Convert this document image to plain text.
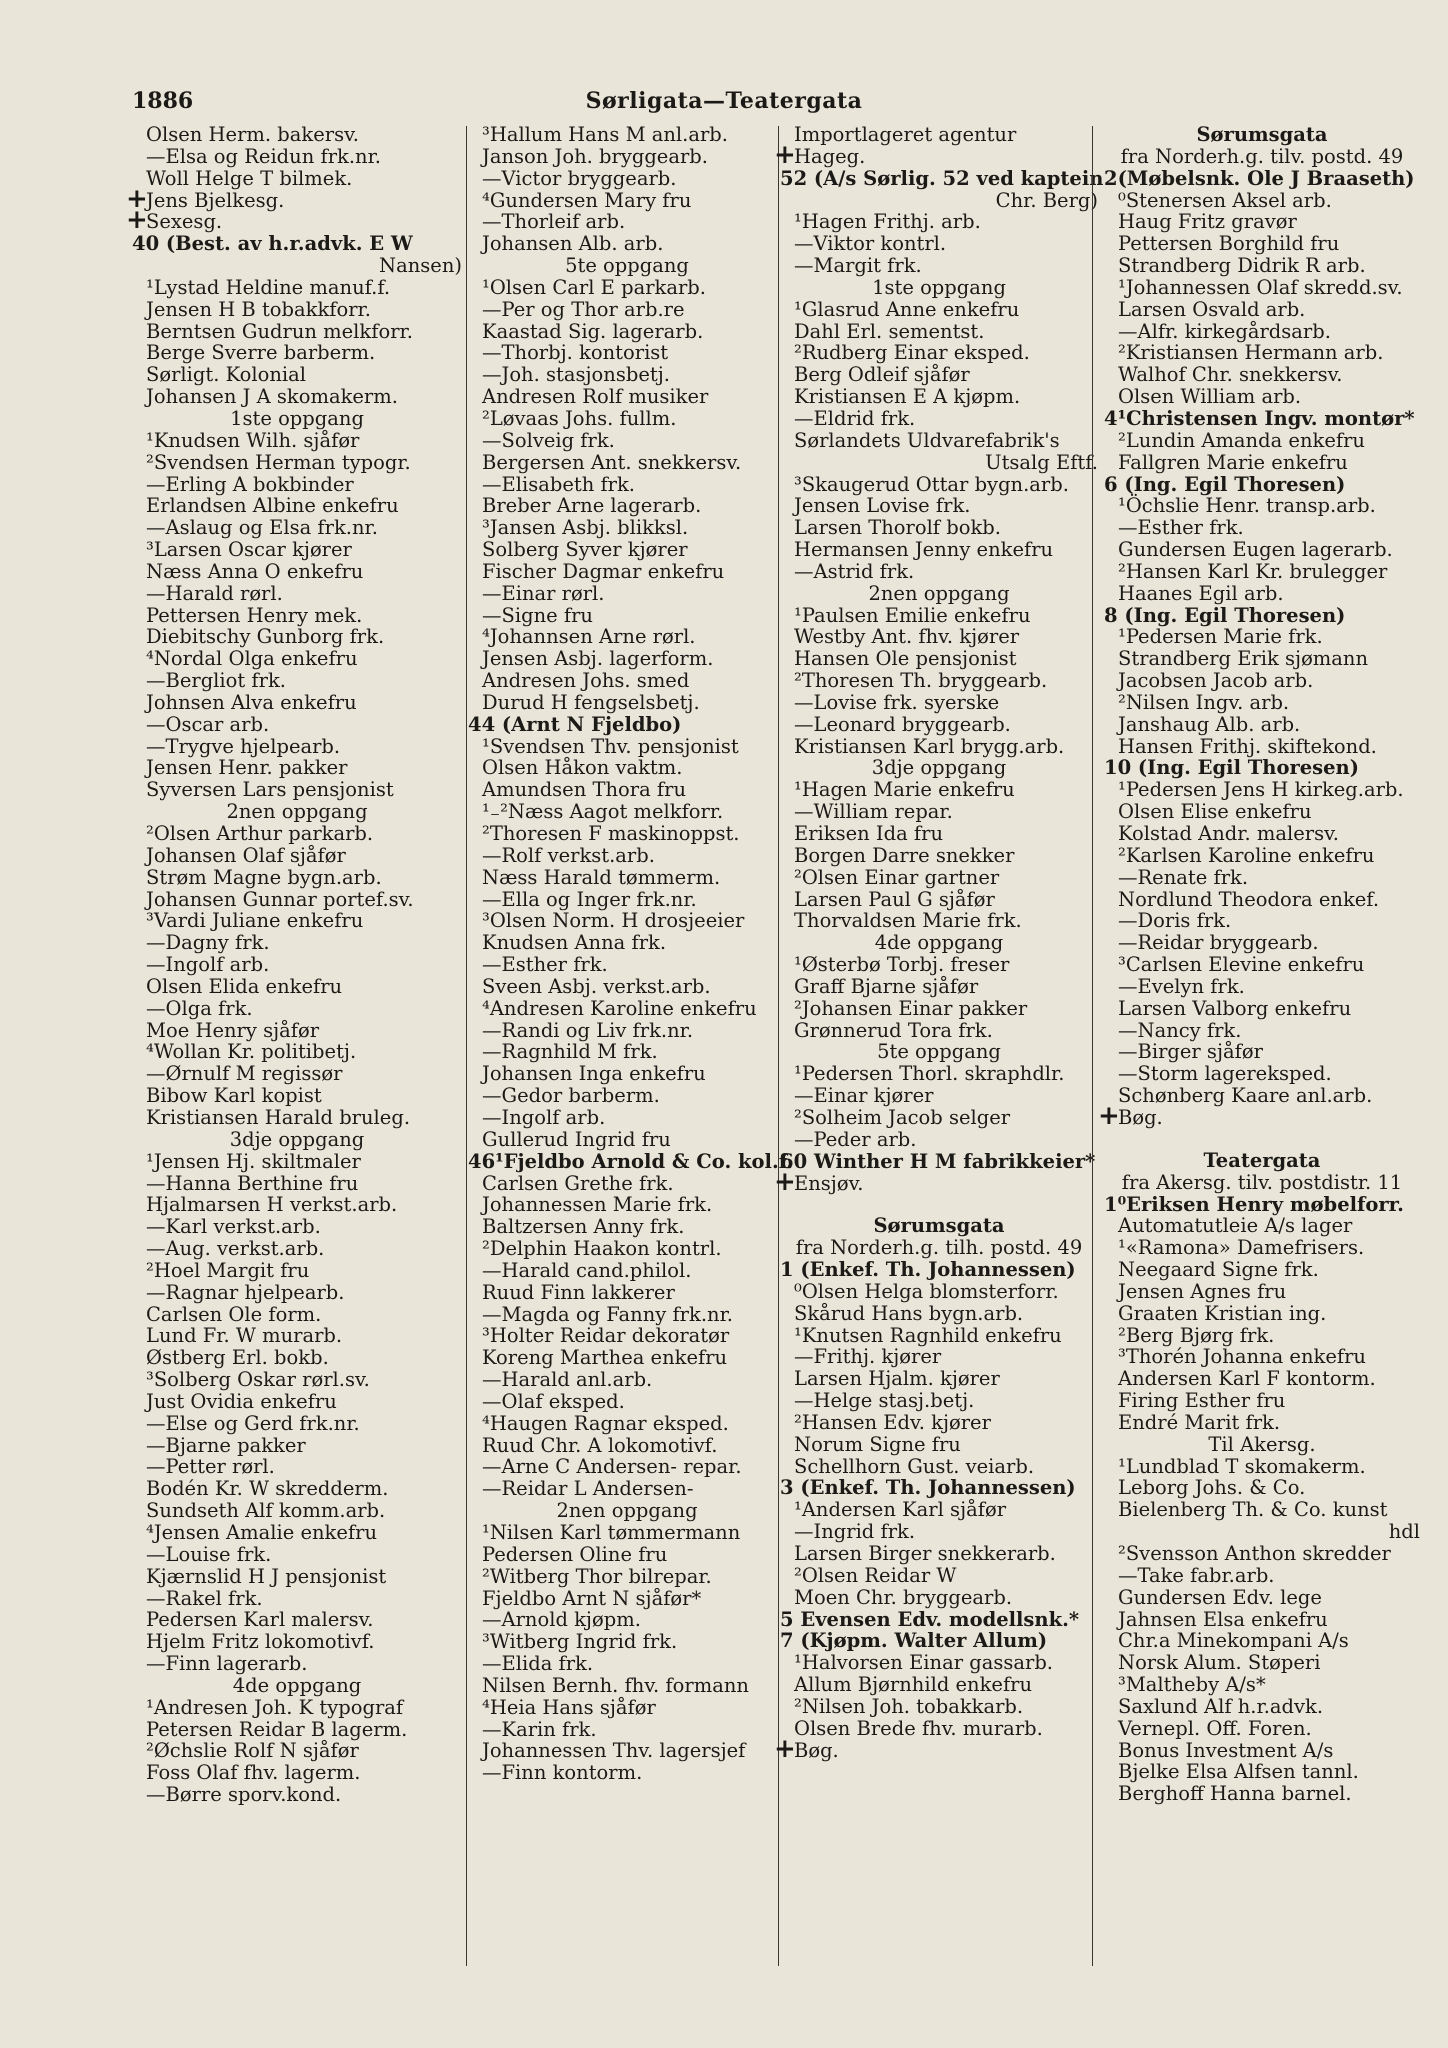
1886	Sørligata—Teatergata
Olsen Herm. bakersv.
—Elsa og Reidun frk.nr.
Woll Helge T bilmek.
+ Jens Bjelkesg.
+ Sexesg.
40 (Best. av h.r.advk. E W
Nansen)
¹Lystad Heldine manuf.f.
Jensen H B tobakkforr.
Berntsen Gudrun melkforr.
Berge Sverre barberm.
Sørligt. Kolonial
Johansen J A skomakerm.
1ste oppgang
¹Knudsen Wilh. sjåfør
²Svendsen Herman typogr.
—Erling A bokbinder
Erlandsen Albine enkefru
—Aslaug og Elsa frk.nr.
³Larsen Oscar kjører
Næss Anna O enkefru
—Harald rørl.
Pettersen Henry mek.
Diebitschy Gunborg frk.
⁴Nordal Olga enkefru
—Bergliot frk.
Johnsen Alva enkefru
—Oscar arb.
—Trygve hjelpearb.
Jensen Henr. pakker
Syversen Lars pensjonist
2nen oppgang
²Olsen Arthur parkarb.
Johansen Olaf sjåfør
Strøm Magne bygn.arb.
Johansen Gunnar portef.sv.
³Vardi Juliane enkefru
—Dagny frk.
—Ingolf arb.
Olsen Elida enkefru
—Olga frk.
Moe Henry sjåfør
⁴Wollan Kr. politibetj.
—Ørnulf M regissør
Bibow Karl kopist
Kristiansen Harald bruleg.
3dje oppgang
¹Jensen Hj. skiltmaler
—Hanna Berthine fru
Hjalmarsen H verkst.arb.
—Karl verkst.arb.
—Aug. verkst.arb.
²Hoel Margit fru
—Ragnar hjelpearb.
Carlsen Ole form.
Lund Fr. W murarb.
Østberg Erl. bokb.
³Solberg Oskar rørl.sv.
Just Ovidia enkefru
—Else og Gerd frk.nr.
—Bjarne pakker
—Petter rørl.
Bodén Kr. W skredderm.
Sundseth Alf komm.arb.
⁴Jensen Amalie enkefru
—Louise frk.
Kjærnslid H J pensjonist
—Rakel frk.
Pedersen Karl malersv.
Hjelm Fritz lokomotivf.
—Finn lagerarb.
4de oppgang
¹Andresen Joh. K typograf
Petersen Reidar B lagerm.
²Øchslie Rolf N sjåfør
Foss Olaf fhv. lagerm.
—Børre sporv.kond.
³Hallum Hans M anl.arb.
Janson Joh. bryggearb.
—Victor bryggearb.
⁴Gundersen Mary fru
—Thorleif arb.
Johansen Alb. arb.
5te oppgang
¹Olsen Carl E parkarb.
—Per og Thor arb.re
Kaastad Sig. lagerarb.
—Thorbj. kontorist
—Joh. stasjonsbetj.
Andresen Rolf musiker
²Løvaas Johs. fullm.
—Solveig frk.
Bergersen Ant. snekkersv.
—Elisabeth frk.
Breber Arne lagerarb.
³Jansen Asbj. blikksl.
Solberg Syver kjører
Fischer Dagmar enkefru
—Einar rørl.
—Signe fru
⁴Johannsen Arne rørl.
Jensen Asbj. lagerform.
Andresen Johs. smed
Durud H fengselsbetj.
44 (Arnt N Fjeldbo)
¹Svendsen Thv. pensjonist
Olsen Håkon vaktm.
Amundsen Thora fru
¹₋²Næss Aagot melkforr.
²Thoresen F maskinoppst.
—Rolf verkst.arb.
Næss Harald tømmerm.
—Ella og Inger frk.nr.
³Olsen Norm. H drosjeeier
Knudsen Anna frk.
—Esther frk.
Sveen Asbj. verkst.arb.
⁴Andresen Karoline enkefru
—Randi og Liv frk.nr.
—Ragnhild M frk.
Johansen Inga enkefru
—Gedor barberm.
—Ingolf arb.
Gullerud Ingrid fru
46¹Fjeldbo Arnold & Co. kol.f.
Carlsen Grethe frk.
Johannessen Marie frk.
Baltzersen Anny frk.
²Delphin Haakon kontrl.
—Harald cand.philol.
Ruud Finn lakkerer
—Magda og Fanny frk.nr.
³Holter Reidar dekoratør
Koreng Marthea enkefru
—Harald anl.arb.
—Olaf eksped.
⁴Haugen Ragnar eksped.
Ruud Chr. A lokomotivf.
—Arne C Andersen- repar.
—Reidar L Andersen-
2nen oppgang
¹Nilsen Karl tømmermann
Pedersen Oline fru
²Witberg Thor bilrepar.
Fjeldbo Arnt N sjåfør*
—Arnold kjøpm.
³Witberg Ingrid frk.
—Elida frk.
Nilsen Bernh. fhv. formann
⁴Heia Hans sjåfør
—Karin frk.
Johannessen Thv. lagersjef
—Finn kontorm.
Importlageret agentur
+ Hageg.
52 (A/s Sørlig. 52 ved kaptein
Chr. Berg)
¹Hagen Frithj. arb.
—Viktor kontrl.
—Margit frk.
1ste oppgang
¹Glasrud Anne enkefru
Dahl Erl. sementst.
²Rudberg Einar eksped.
Berg Odleif sjåfør
Kristiansen E A kjøpm.
—Eldrid frk.
Sørlandets Uldvarefabrik's
Utsalg Eftf.
³Skaugerud Ottar bygn.arb.
Jensen Lovise frk.
Larsen Thorolf bokb.
Hermansen Jenny enkefru
—Astrid frk.
2nen oppgang
¹Paulsen Emilie enkefru
Westby Ant. fhv. kjører
Hansen Ole pensjonist
²Thoresen Th. bryggearb.
—Lovise frk. syerske
—Leonard bryggearb.
Kristiansen Karl brygg.arb.
3dje oppgang
¹Hagen Marie enkefru
—William repar.
Eriksen Ida fru
Borgen Darre snekker
²Olsen Einar gartner
Larsen Paul G sjåfør
Thorvaldsen Marie frk.
4de oppgang
¹Østerbø Torbj. freser
Graff Bjarne sjåfør
²Johansen Einar pakker
Grønnerud Tora frk.
5te oppgang
¹Pedersen Thorl. skraphdlr.
—Einar kjører
²Solheim Jacob selger
—Peder arb.
60 Winther H M fabrikkeier*
+ Ensjøv.
Sørumsgata
fra Norderh.g. tilh. postd. 49
1 (Enkef. Th. Johannessen)
⁰Olsen Helga blomsterforr.
Skårud Hans bygn.arb.
¹Knutsen Ragnhild enkefru
—Frithj. kjører
Larsen Hjalm. kjører
—Helge stasj.betj.
²Hansen Edv. kjører
Norum Signe fru
Schellhorn Gust. veiarb.
3 (Enkef. Th. Johannessen)
¹Andersen Karl sjåfør
—Ingrid frk.
Larsen Birger snekkerarb.
²Olsen Reidar W
Moen Chr. bryggearb.
5 Evensen Edv. modellsnk.*
7 (Kjøpm. Walter Allum)
¹Halvorsen Einar gassarb.
Allum Bjørnhild enkefru
²Nilsen Joh. tobakkarb.
Olsen Brede fhv. murarb.
+ Bøg.
Sørumsgata
fra Norderh.g. tilv. postd. 49
2(Møbelsnk. Ole J Braaseth)
⁰Stenersen Aksel arb.
Haug Fritz gravør
Pettersen Borghild fru
Strandberg Didrik R arb.
¹Johannessen Olaf skredd.sv.
Larsen Osvald arb.
—Alfr. kirkegårdsarb.
²Kristiansen Hermann arb.
Walhof Chr. snekkersv.
Olsen William arb.
4¹Christensen Ingv. montør*
²Lundin Amanda enkefru
Fallgren Marie enkefru
6 (Ing. Egil Thoresen)
¹Öchslie Henr. transp.arb.
—Esther frk.
Gundersen Eugen lagerarb.
²Hansen Karl Kr. brulegger
Haanes Egil arb.
8 (Ing. Egil Thoresen)
¹Pedersen Marie frk.
Strandberg Erik sjømann
Jacobsen Jacob arb.
²Nilsen Ingv. arb.
Janshaug Alb. arb.
Hansen Frithj. skiftekond.
10 (Ing. Egil Thoresen)
¹Pedersen Jens H kirkeg.arb.
Olsen Elise enkefru
Kolstad Andr. malersv.
²Karlsen Karoline enkefru
—Renate frk.
Nordlund Theodora enkef.
—Doris frk.
—Reidar bryggearb.
³Carlsen Elevine enkefru
—Evelyn frk.
Larsen Valborg enkefru
—Nancy frk.
—Birger sjåfør
—Storm lagereksped.
Schønberg Kaare anl.arb.
+ Bøg.
Teatergata
fra Akersg. tilv. postdistr. 11
1⁰Eriksen Henry møbelforr.
Automatutleie A/s lager
¹«Ramona» Damefrisers.
Neegaard Signe frk.
Jensen Agnes fru
Graaten Kristian ing.
²Berg Bjørg frk.
³Thorén Johanna enkefru
Andersen Karl F kontorm.
Firing Esther fru
Endré Marit frk.
Til Akersg.
¹Lundblad T skomakerm.
Leborg Johs. & Co.
Bielenberg Th. & Co. kunst
hdl
²Svensson Anthon skredder
—Take fabr.arb.
Gundersen Edv. lege
Jahnsen Elsa enkefru
Chr.a Minekompani A/s
Norsk Alum. Støperi
³Maltheby A/s*
Saxlund Alf h.r.advk.
Vernepl. Off. Foren.
Bonus Investment A/s
Bjelke Elsa Alfsen tannl.
Berghoff Hanna barnel.
